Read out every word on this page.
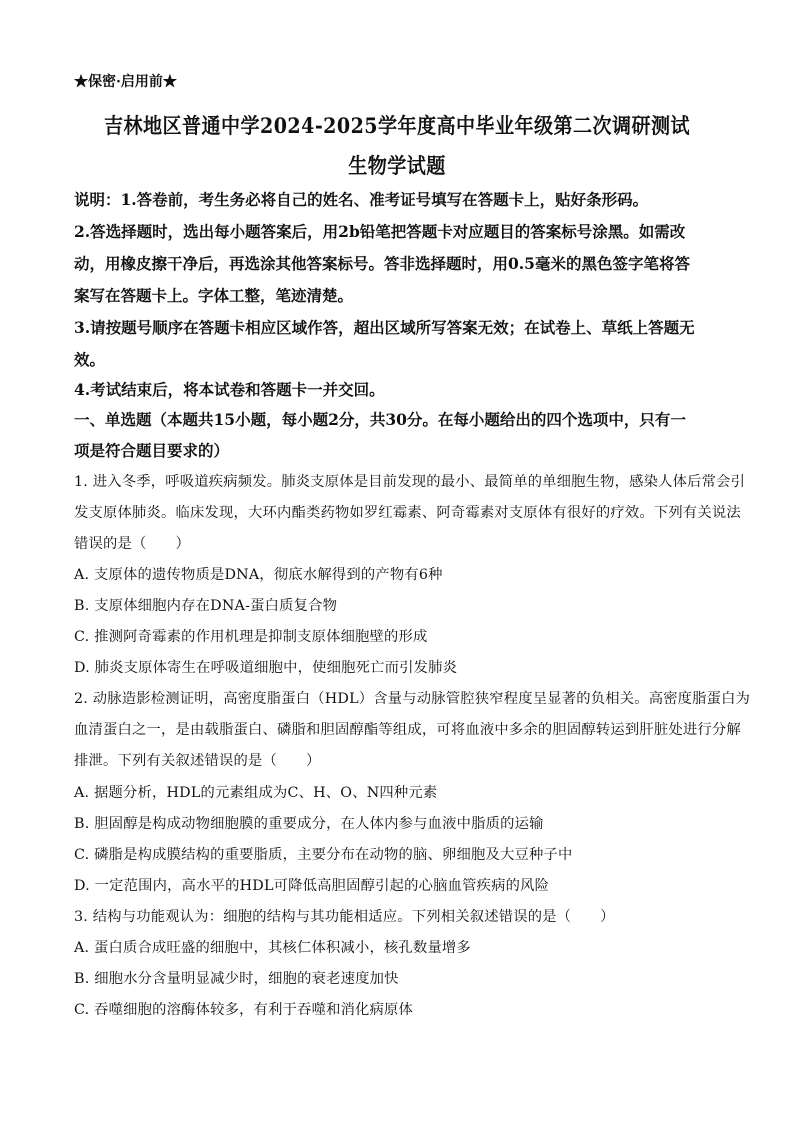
★保密·启用前★
吉林地区普通中学2024-2025学年度高中毕业年级第二次调研测试
生物学试题
说明：1.答卷前，考生务必将自己的姓名、准考证号填写在答题卡上，贴好条形码。
2.答选择题时，选出每小题答案后，用2b铅笔把答题卡对应题目的答案标号涂黑。如需改
动，用橡皮擦干净后，再选涂其他答案标号。答非选择题时，用0.5毫米的黑色签字笔将答
案写在答题卡上。字体工整，笔迹清楚。
3.请按题号顺序在答题卡相应区域作答，超出区域所写答案无效；在试卷上、草纸上答题无
效。
4.考试结束后，将本试卷和答题卡一并交回。
一、单选题（本题共15小题，每小题2分，共30分。在每小题给出的四个选项中，只有一
项是符合题目要求的）
1. 进入冬季，呼吸道疾病频发。肺炎支原体是目前发现的最小、最简单的单细胞生物，感染人体后常会引
发支原体肺炎。临床发现，大环内酯类药物如罗红霉素、阿奇霉素对支原体有很好的疗效。下列有关说法
错误的是（　　）
A. 支原体的遗传物质是DNA，彻底水解得到的产物有6种
B. 支原体细胞内存在DNA-蛋白质复合物
C. 推测阿奇霉素的作用机理是抑制支原体细胞壁的形成
D. 肺炎支原体寄生在呼吸道细胞中，使细胞死亡而引发肺炎
2. 动脉造影检测证明，高密度脂蛋白（HDL）含量与动脉管腔狭窄程度呈显著的负相关。高密度脂蛋白为
血清蛋白之一，是由载脂蛋白、磷脂和胆固醇酯等组成，可将血液中多余的胆固醇转运到肝脏处进行分解
排泄。下列有关叙述错误的是（　　）
A. 据题分析，HDL的元素组成为C、H、O、N四种元素
B. 胆固醇是构成动物细胞膜的重要成分，在人体内参与血液中脂质的运输
C. 磷脂是构成膜结构的重要脂质，主要分布在动物的脑、卵细胞及大豆种子中
D. 一定范围内，高水平的HDL可降低高胆固醇引起的心脑血管疾病的风险
3. 结构与功能观认为：细胞的结构与其功能相适应。下列相关叙述错误的是（　　）
A. 蛋白质合成旺盛的细胞中，其核仁体积减小，核孔数量增多
B. 细胞水分含量明显减少时，细胞的衰老速度加快
C. 吞噬细胞的溶酶体较多，有利于吞噬和消化病原体
